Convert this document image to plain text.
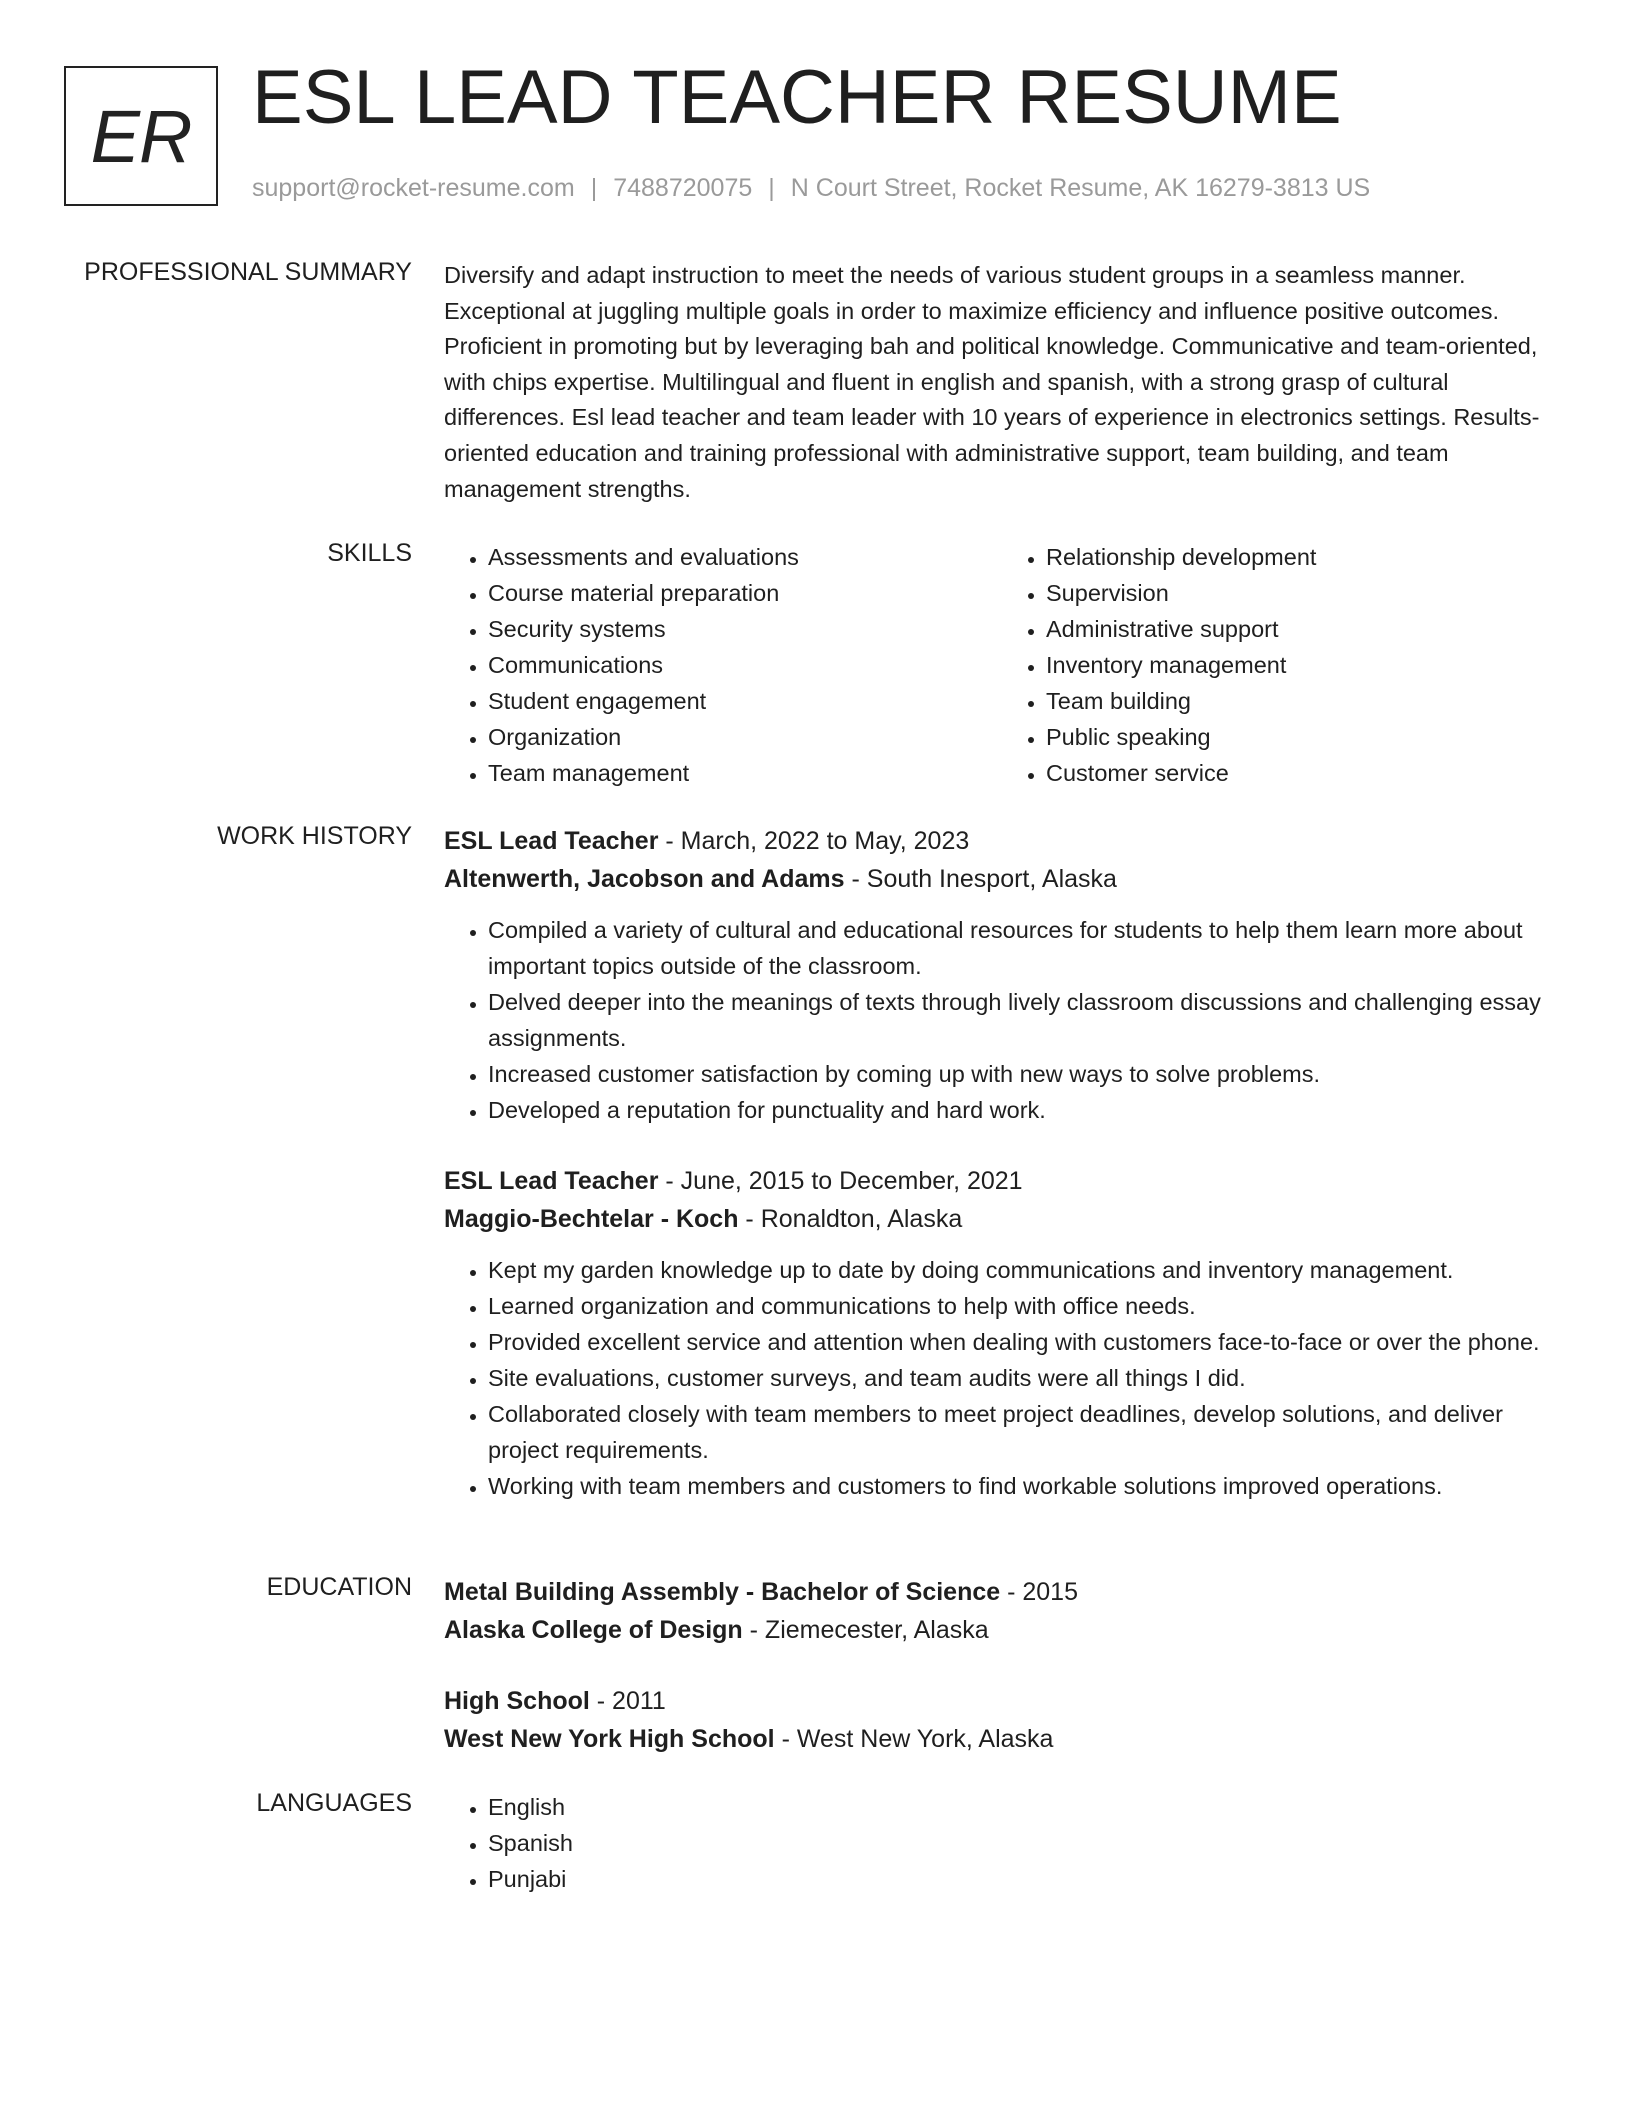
ER ESL LEAD TEACHER RESUME
support@rocket-resume.com | 7488720075 | N Court Street, Rocket Resume, AK 16279-3813 US
PROFESSIONAL SUMMARY Diversify and adapt instruction to meet the needs of various student groups in a seamless manner. Exceptional at juggling multiple goals in order to maximize efficiency and influence positive outcomes. Proficient in promoting but by leveraging bah and political knowledge. Communicative and team-oriented, with chips expertise. Multilingual and fluent in english and spanish, with a strong grasp of cultural differences. Esl lead teacher and team leader with 10 years of experience in electronics settings. Results-oriented education and training professional with administrative support, team building, and team management strengths.

SKILLS	• Assessments and evaluations
• Course material preparation
• Security systems
• Communications
• Student engagement
• Organization
• Team management
• Relationship development
• Supervision
• Administrative support
• Inventory management
• Team building
• Public speaking
• Customer service
WORK HISTORY ESL Lead Teacher - March, 2022 to May, 2023
Altenwerth, Jacobson and Adams - South Inesport, Alaska
• Compiled a variety of cultural and educational resources for students to help them learn more about important topics outside of the classroom.
• Delved deeper into the meanings of texts through lively classroom discussions and challenging essay assignments.
• Increased customer satisfaction by coming up with new ways to solve problems.
• Developed a reputation for punctuality and hard work.
ESL Lead Teacher - June, 2015 to December, 2021
Maggio-Bechtelar - Koch - Ronaldton, Alaska
• Kept my garden knowledge up to date by doing communications and inventory management.
• Learned organization and communications to help with office needs.
• Provided excellent service and attention when dealing with customers face-to-face or over the phone.
• Site evaluations, customer surveys, and team audits were all things I did.
• Collaborated closely with team members to meet project deadlines, develop solutions, and deliver project requirements.
• Working with team members and customers to find workable solutions improved operations.
EDUCATION Metal Building Assembly - Bachelor of Science - 2015
Alaska College of Design - Ziemecester, Alaska
High School - 2011
West New York High School - West New York, Alaska
LANGUAGES	• English
• Spanish
• Punjabi
